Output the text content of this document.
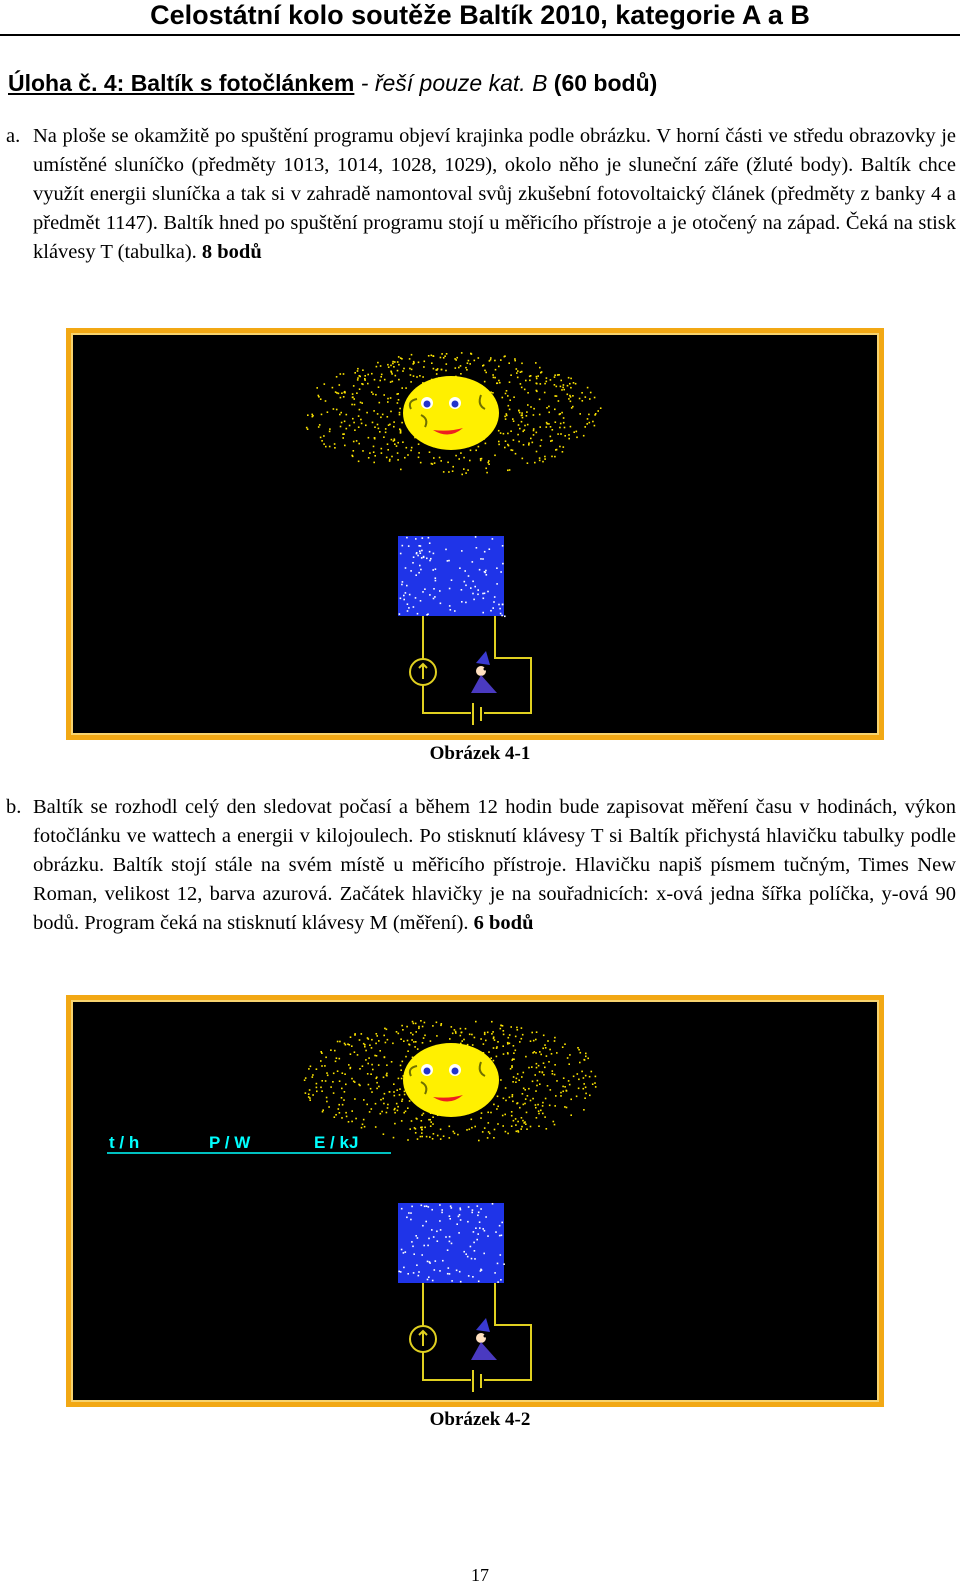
Celostátní kolo soutěže Baltík 2010, kategorie A a B
Úloha č. 4: Baltík s fotočlánkem - řeší pouze kat. B (60 bodů)
a. Na ploše se okamžitě po spuštění programu objeví krajinka podle obrázku. V horní části ve středu obrazovky je umístěné sluníčko (předměty 1013, 1014, 1028, 1029), okolo něho je sluneční záře (žluté body). Baltík chce využít energii sluníčka a tak si v zahradě namontoval svůj zkušební fotovoltaický článek (předměty z banky 4 a předmět 1147). Baltík hned po spuštění programu stojí u měřicího přístroje a je otočený na západ. Čeká na stisk klávesy T (tabulka). 8 bodů
Obrázek 4-1
b. Baltík se rozhodl celý den sledovat počasí a během 12 hodin bude zapisovat měření času v hodinách, výkon fotočlánku ve wattech a energii v kilojoulech. Po stisknutí klávesy T si Baltík přichystá hlavičku tabulky podle obrázku. Baltík stojí stále na svém místě u měřicího přístroje. Hlavičku napiš písmem tučným, Times New Roman, velikost 12, barva azurová. Začátek hlavičky je na souřadnicích: x-ová jedna šířka políčka, y-ová 90 bodů. Program čeká na stisknutí klávesy M (měření). 6 bodů
t / h	P / W	E / kJ
Obrázek 4-2
17
